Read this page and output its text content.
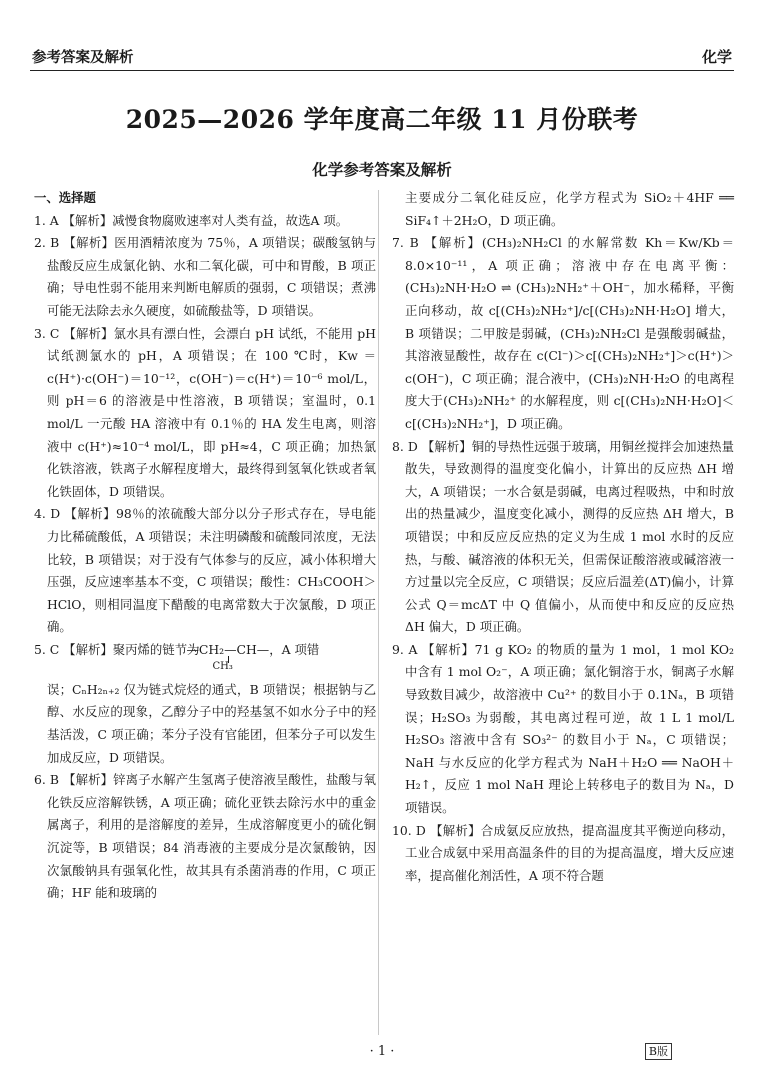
参考答案及解析	化学
2025—2026 学年度高二年级 11 月份联考
化学参考答案及解析

一、选择题

1. A 【解析】减慢食物腐败速率对人类有益，故选A 项。

2. B 【解析】医用酒精浓度为 75％，A 项错误；碳酸氢钠与盐酸反应生成氯化钠、水和二氧化碳，可中和胃酸，B 项正确；导电性弱不能用来判断电解质的强弱，C 项错误；煮沸可能无法除去永久硬度，如硫酸盐等，D 项错误。

3. C 【解析】氯水具有漂白性，会漂白 pH 试纸，不能用 pH 试纸测氯水的 pH，A 项错误；在 100 ℃时，Kw ＝c(H⁺)·c(OH⁻)＝10⁻¹²，c(OH⁻)＝c(H⁺)＝10⁻⁶ mol/L，则 pH＝6 的溶液是中性溶液，B 项错误；室温时，0.1 mol/L 一元酸 HA 溶液中有 0.1％的 HA 发生电离，则溶液中 c(H⁺)≈10⁻⁴ mol/L，即 pH≈4，C 项正确；加热氯化铁溶液，铁离子水解程度增大，最终得到氢氧化铁或者氧化铁固体，D 项错误。

4. D 【解析】98％的浓硫酸大部分以分子形式存在，导电能力比稀硫酸低，A 项错误；未注明磷酸和硫酸同浓度，无法比较，B 项错误；对于没有气体参与的反应，减小体积增大压强，反应速率基本不变，C 项错误；酸性：CH₃COOH＞HClO，则相同温度下醋酸的电离常数大于次氯酸，D 项正确。

5. C 【解析】聚丙烯的链节为—CH₂—CH—
CH₃
，A 项错

误；CₙH₂ₙ₊₂ 仅为链式烷烃的通式，B 项错误；根据钠与乙醇、水反应的现象，乙醇分子中的羟基氢不如水分子中的羟基活泼，C 项正确；苯分子没有官能团，但苯分子可以发生加成反应，D 项错误。

6. B 【解析】锌离子水解产生氢离子使溶液呈酸性，盐酸与氧化铁反应溶解铁锈，A 项正确；硫化亚铁去除污水中的重金属离子，利用的是溶解度的差异，生成溶解度更小的硫化铜沉淀等，B 项错误；84 消毒液的主要成分是次氯酸钠，因次氯酸钠具有强氧化性，故其具有杀菌消毒的作用，C 项正确；HF 能和玻璃的

主要成分二氧化硅反应，化学方程式为 SiO₂＋4HF ══ SiF₄↑＋2H₂O，D 项正确。

7. B 【解析】(CH₃)₂NH₂Cl 的水解常数 Kh＝Kw/Kb＝8.0×10⁻¹¹，A 项正确；溶液中存在电离平衡：(CH₃)₂NH·H₂O ⇌ (CH₃)₂NH₂⁺＋OH⁻，加水稀释，平衡正向移动，故 c[(CH₃)₂NH₂⁺]/c[(CH₃)₂NH·H₂O] 增大，B 项错误；二甲胺是弱碱，(CH₃)₂NH₂Cl 是强酸弱碱盐，其溶液显酸性，故存在 c(Cl⁻)＞c[(CH₃)₂NH₂⁺]＞c(H⁺)＞c(OH⁻)，C 项正确；混合液中，(CH₃)₂NH·H₂O 的电离程度大于(CH₃)₂NH₂⁺ 的水解程度，则 c[(CH₃)₂NH·H₂O]＜c[(CH₃)₂NH₂⁺]，D 项正确。

8. D 【解析】铜的导热性远强于玻璃，用铜丝搅拌会加速热量散失，导致测得的温度变化偏小，计算出的反应热 ΔH 增大，A 项错误；一水合氨是弱碱，电离过程吸热，中和时放出的热量减少，温度变化减小，测得的反应热 ΔH 增大，B 项错误；中和反应反应热的定义为生成 1 mol 水时的反应热，与酸、碱溶液的体积无关，但需保证酸溶液或碱溶液一方过量以完全反应，C 项错误；反应后温差(ΔT)偏小，计算公式 Q＝mcΔT 中 Q 值偏小，从而使中和反应的反应热 ΔH 偏大，D 项正确。

9. A 【解析】71 g KO₂ 的物质的量为 1 mol，1 mol KO₂ 中含有 1 mol O₂⁻，A 项正确；氯化铜溶于水，铜离子水解导致数目减少，故溶液中 Cu²⁺ 的数目小于 0.1Nₐ，B 项错误；H₂SO₃ 为弱酸，其电离过程可逆，故 1 L 1 mol/L H₂SO₃ 溶液中含有 SO₃²⁻ 的数目小于 Nₐ，C 项错误；NaH 与水反应的化学方程式为 NaH＋H₂O ══ NaOH＋H₂↑，反应 1 mol NaH 理论上转移电子的数目为 Nₐ，D 项错误。

10. D 【解析】合成氨反应放热，提高温度其平衡逆向移动，工业合成氨中采用高温条件的目的为提高温度，增大反应速率，提高催化剂活性，A 项不符合题

· 1 ·	B版
